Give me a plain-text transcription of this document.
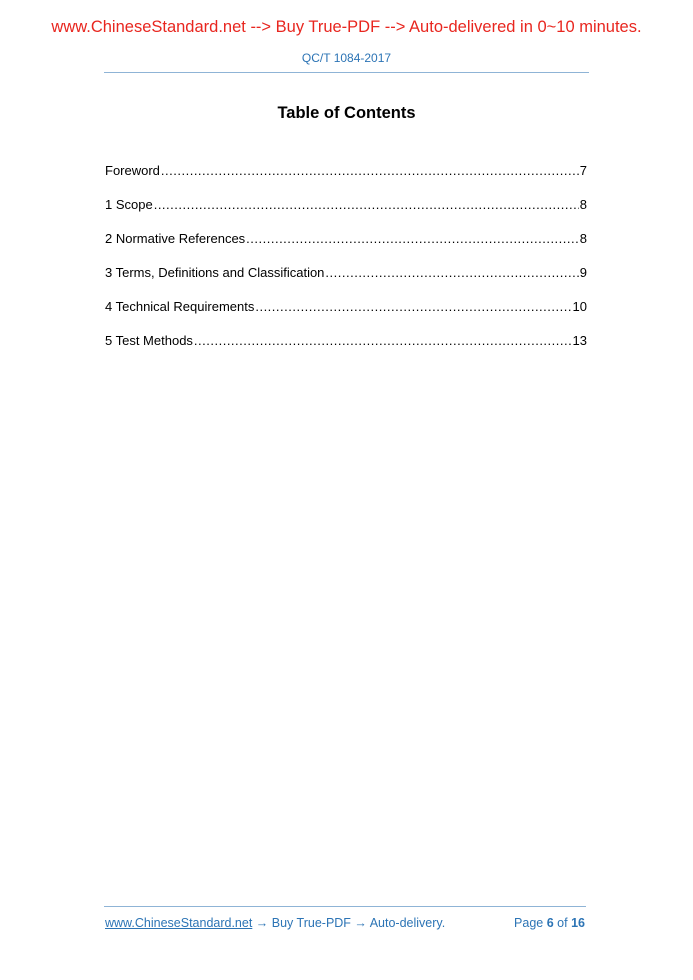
www.ChineseStandard.net --> Buy True-PDF --> Auto-delivered in 0~10 minutes.
QC/T 1084-2017
Table of Contents
Foreword .....	7
1 Scope .....	8
2 Normative References .....	8
3 Terms, Definitions and Classification .....	9
4 Technical Requirements .....	10
5 Test Methods .....	13
www.ChineseStandard.net → Buy True-PDF → Auto-delivery.	Page 6 of 16
